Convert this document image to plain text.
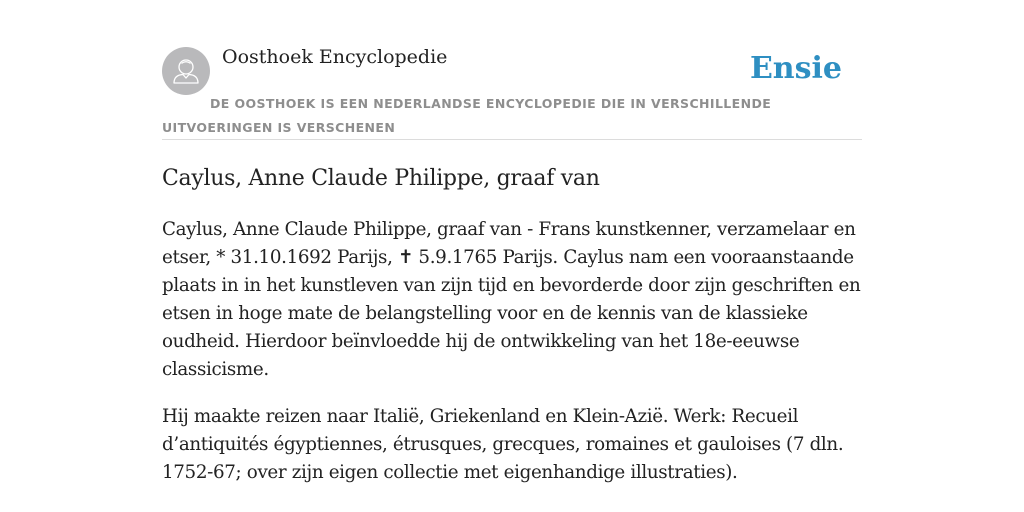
Oosthoek Encyclopedie	Ensie
DE OOSTHOEK IS EEN NEDERLANDSE ENCYCLOPEDIE DIE IN VERSCHILLENDE UITVOERINGEN IS VERSCHENEN
Caylus, Anne Claude Philippe, graaf van

Caylus, Anne Claude Philippe, graaf van - Frans kunstkenner, verzamelaar en etser, * 31.10.1692 Parijs, ✝ 5.9.1765 Parijs. Caylus nam een vooraanstaande plaats in in het kunstleven van zijn tijd en bevorderde door zijn geschriften en etsen in hoge mate de belangstelling voor en de kennis van de klassieke oudheid. Hierdoor beïnvloedde hij de ontwikkeling van het 18e-eeuwse classicisme.

Hij maakte reizen naar Italië, Griekenland en Klein-Azië. Werk: Recueil d’antiquités égyptiennes, étrusques, grecques, romaines et gauloises (7 dln. 1752-67; over zijn eigen collectie met eigenhandige illustraties).
